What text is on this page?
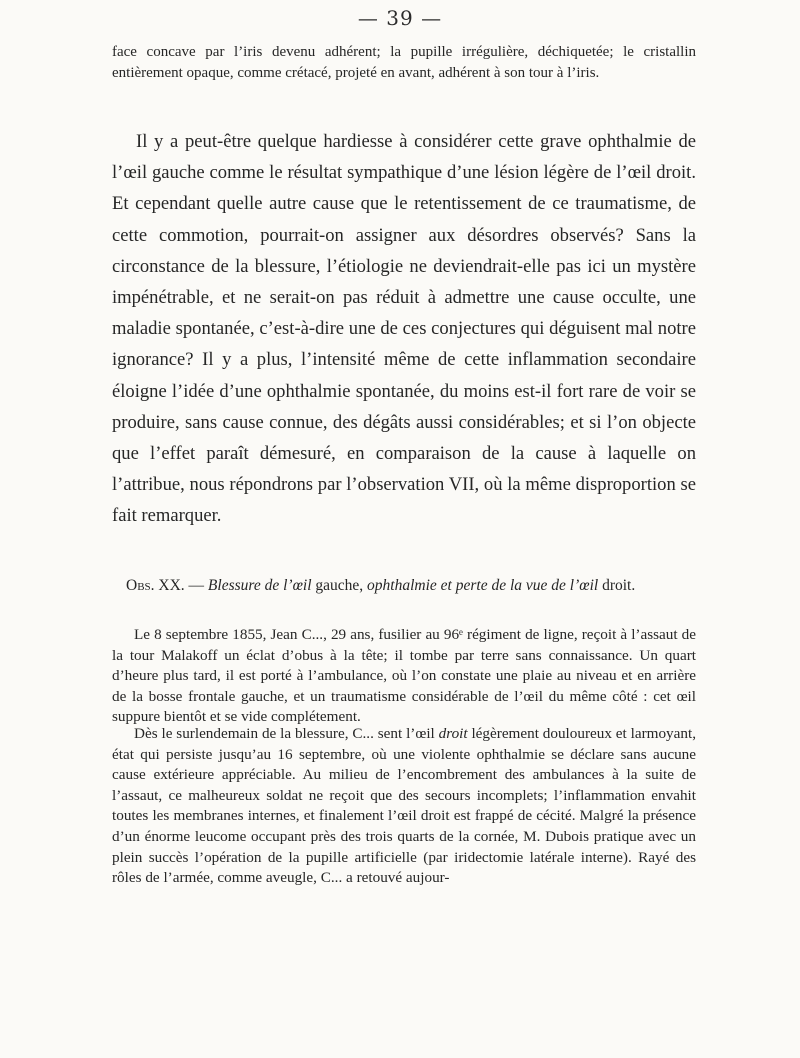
— 39 —

face concave par l’iris devenu adhérent; la pupille irrégulière, déchiquetée; le cristallin entièrement opaque, comme crétacé, projeté en avant, adhérent à son tour à l’iris.

Il y a peut-être quelque hardiesse à considérer cette grave ophthalmie de l’œil gauche comme le résultat sympathique d’une lésion légère de l’œil droit. Et cependant quelle autre cause que le retentissement de ce traumatisme, de cette commotion, pourrait-on assigner aux désordres observés? Sans la circonstance de la blessure, l’étiologie ne deviendrait-elle pas ici un mystère impénétrable, et ne serait-on pas réduit à admettre une cause occulte, une maladie spontanée, c’est-à-dire une de ces conjectures qui déguisent mal notre ignorance? Il y a plus, l’intensité même de cette inflammation secondaire éloigne l’idée d’une ophthalmie spontanée, du moins est-il fort rare de voir se produire, sans cause connue, des dégâts aussi considérables; et si l’on objecte que l’effet paraît démesuré, en comparaison de la cause à laquelle on l’attribue, nous répondrons par l’observation VII, où la même disproportion se fait remarquer.

Obs. XX. — Blessure de l’œil gauche, ophthalmie et perte de la vue de l’œil droit.

Le 8 septembre 1855, Jean C..., 29 ans, fusilier au 96ᵉ régiment de ligne, reçoit à l’assaut de la tour Malakoff un éclat d’obus à la tête; il tombe par terre sans connaissance. Un quart d’heure plus tard, il est porté à l’ambulance, où l’on constate une plaie au niveau et en arrière de la bosse frontale gauche, et un traumatisme considérable de l’œil du même côté : cet œil suppure bientôt et se vide complétement.

Dès le surlendemain de la blessure, C... sent l’œil droit légèrement douloureux et larmoyant, état qui persiste jusqu’au 16 septembre, où une violente ophthalmie se déclare sans aucune cause extérieure appréciable. Au milieu de l’encombrement des ambulances à la suite de l’assaut, ce malheureux soldat ne reçoit que des secours incomplets; l’inflammation envahit toutes les membranes internes, et finalement l’œil droit est frappé de cécité. Malgré la présence d’un énorme leucome occupant près des trois quarts de la cornée, M. Dubois pratique avec un plein succès l’opération de la pupille artificielle (par iridectomie latérale interne). Rayé des rôles de l’armée, comme aveugle, C... a retouvé aujour-
